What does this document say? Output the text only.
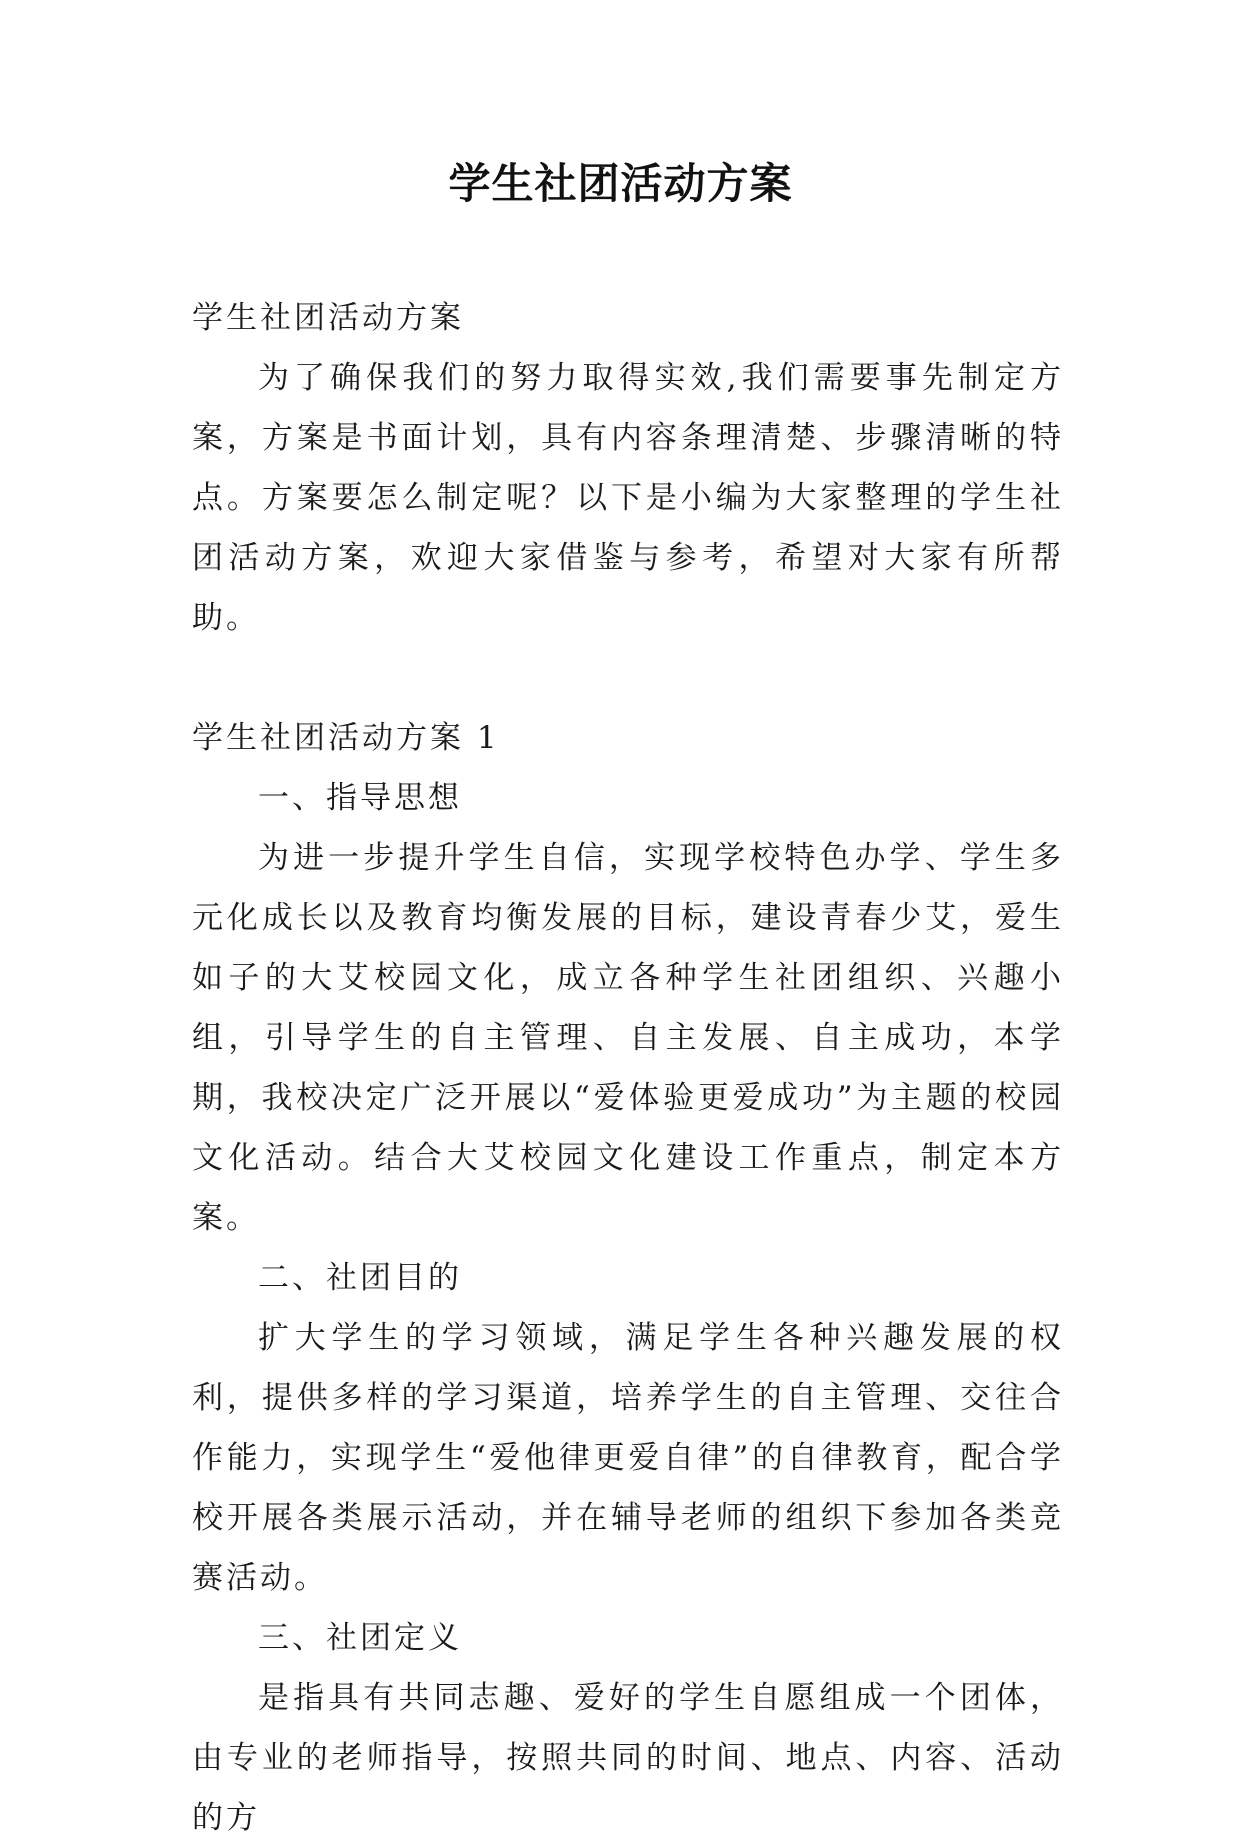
学生社团活动方案

学生社团活动方案

为了确保我们的努力取得实效,我们需要事先制定方案，方案是书面计划，具有内容条理清楚、步骤清晰的特点。方案要怎么制定呢？以下是小编为大家整理的学生社团活动方案，欢迎大家借鉴与参考，希望对大家有所帮助。

学生社团活动方案 1

一、指导思想

为进一步提升学生自信，实现学校特色办学、学生多元化成长以及教育均衡发展的目标，建设青春少艾，爱生如子的大艾校园文化，成立各种学生社团组织、兴趣小组，引导学生的自主管理、自主发展、自主成功，本学期，我校决定广泛开展以“爱体验更爱成功”为主题的校园文化活动。结合大艾校园文化建设工作重点，制定本方案。

二、社团目的

扩大学生的学习领域，满足学生各种兴趣发展的权利，提供多样的学习渠道，培养学生的自主管理、交往合作能力，实现学生“爱他律更爱自律”的自律教育，配合学校开展各类展示活动，并在辅导老师的组织下参加各类竞赛活动。

三、社团定义

是指具有共同志趣、爱好的学生自愿组成一个团体，由专业的老师指导，按照共同的时间、地点、内容、活动的方
